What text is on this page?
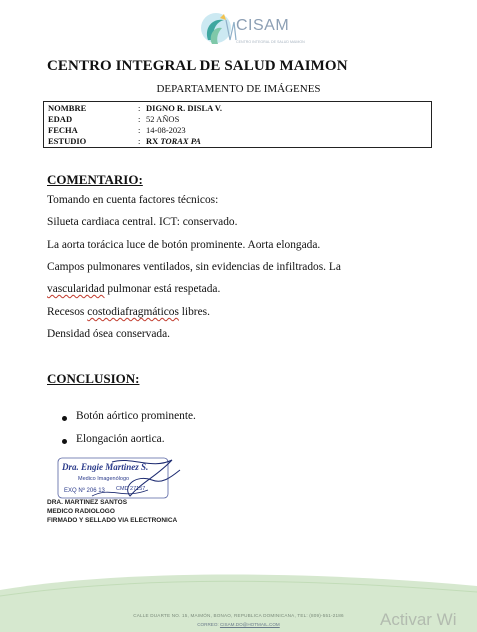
CISAM
CENTRO INTEGRAL DE SALUD MAIMON
CENTRO INTEGRAL DE SALUD MAIMON
DEPARTAMENTO DE IMÁGENES
NOMBRE	: DIGNO R. DISLA V.
EDAD	: 52 AÑOS
FECHA	: 14-08-2023
ESTUDIO	: RX TORAX PA
COMENTARIO:
Tomando en cuenta factores técnicos:
Silueta cardiaca central. ICT: conservado.
La aorta torácica luce de botón prominente. Aorta elongada.
Campos pulmonares ventilados, sin evidencias de infiltrados. La
vascularidad pulmonar está respetada.
Recesos costodiafragmáticos libres.
Densidad ósea conservada.
CONCLUSION:
Botón aórtico prominente.
Elongación aortica.
Dra. Engie Martinez S.
Medico Imagenólogo
EXQ Nº 206 13 CMD 27157
DRA. MARTINEZ SANTOS
MEDICO RADIOLOGO
FIRMADO Y SELLADO VIA ELECTRONICA
CALLE DUARTE NO. 15, MAIMÓN, BONAO, REPUBLICA DOMINICANA, TEL: (809)-551-2186
CORREO: CISAM.DO@HOTMAIL.COM	Activar Wi
